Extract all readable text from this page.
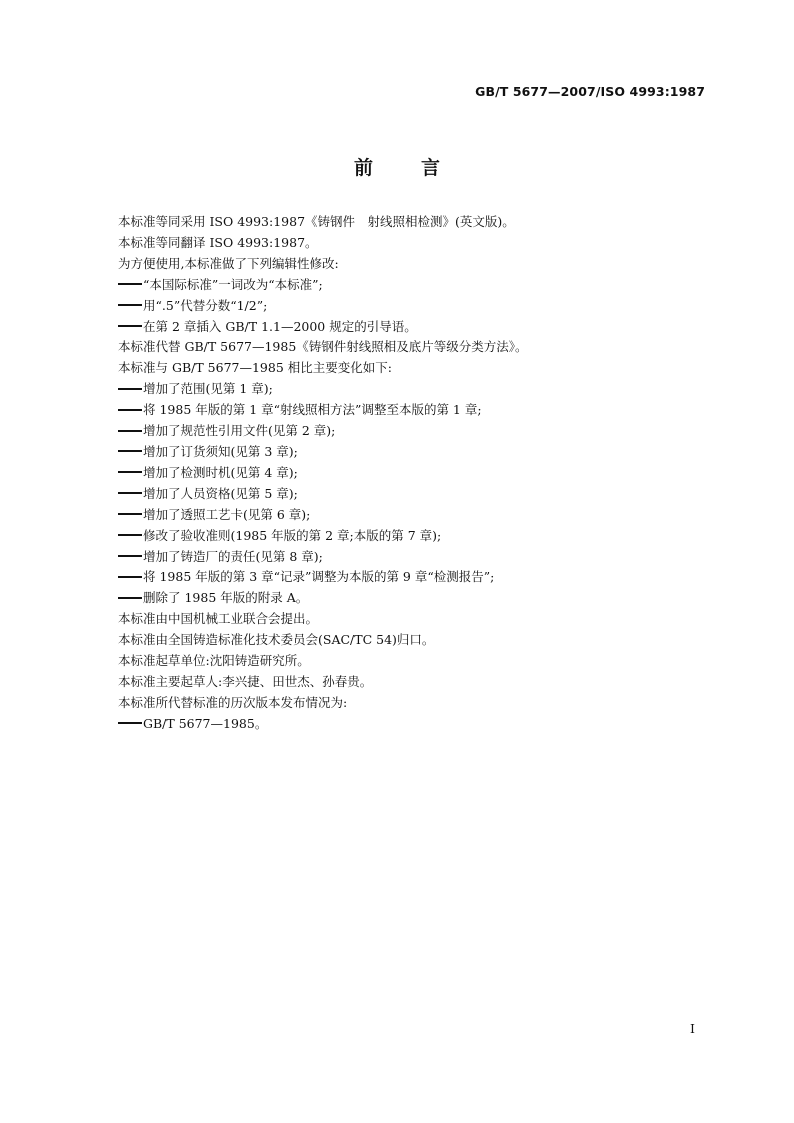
GB/T 5677—2007/ISO 4993:1987
前言
本标准等同采用 ISO 4993:1987《铸钢件　射线照相检测》(英文版)。
本标准等同翻译 ISO 4993:1987。
为方便使用,本标准做了下列编辑性修改:
“本国际标准”一词改为“本标准”;
用“.5”代替分数“1/2”;
在第 2 章插入 GB/T 1.1—2000 规定的引导语。
本标准代替 GB/T 5677—1985《铸钢件射线照相及底片等级分类方法》。
本标准与 GB/T 5677—1985 相比主要变化如下:
增加了范围(见第 1 章);
将 1985 年版的第 1 章“射线照相方法”调整至本版的第 1 章;
增加了规范性引用文件(见第 2 章);
增加了订货须知(见第 3 章);
增加了检测时机(见第 4 章);
增加了人员资格(见第 5 章);
增加了透照工艺卡(见第 6 章);
修改了验收准则(1985 年版的第 2 章;本版的第 7 章);
增加了铸造厂的责任(见第 8 章);
将 1985 年版的第 3 章“记录”调整为本版的第 9 章“检测报告”;
删除了 1985 年版的附录 A。
本标准由中国机械工业联合会提出。
本标准由全国铸造标准化技术委员会(SAC/TC 54)归口。
本标准起草单位:沈阳铸造研究所。
本标准主要起草人:李兴捷、田世杰、孙春贵。
本标准所代替标准的历次版本发布情况为:
GB/T 5677—1985。
I
